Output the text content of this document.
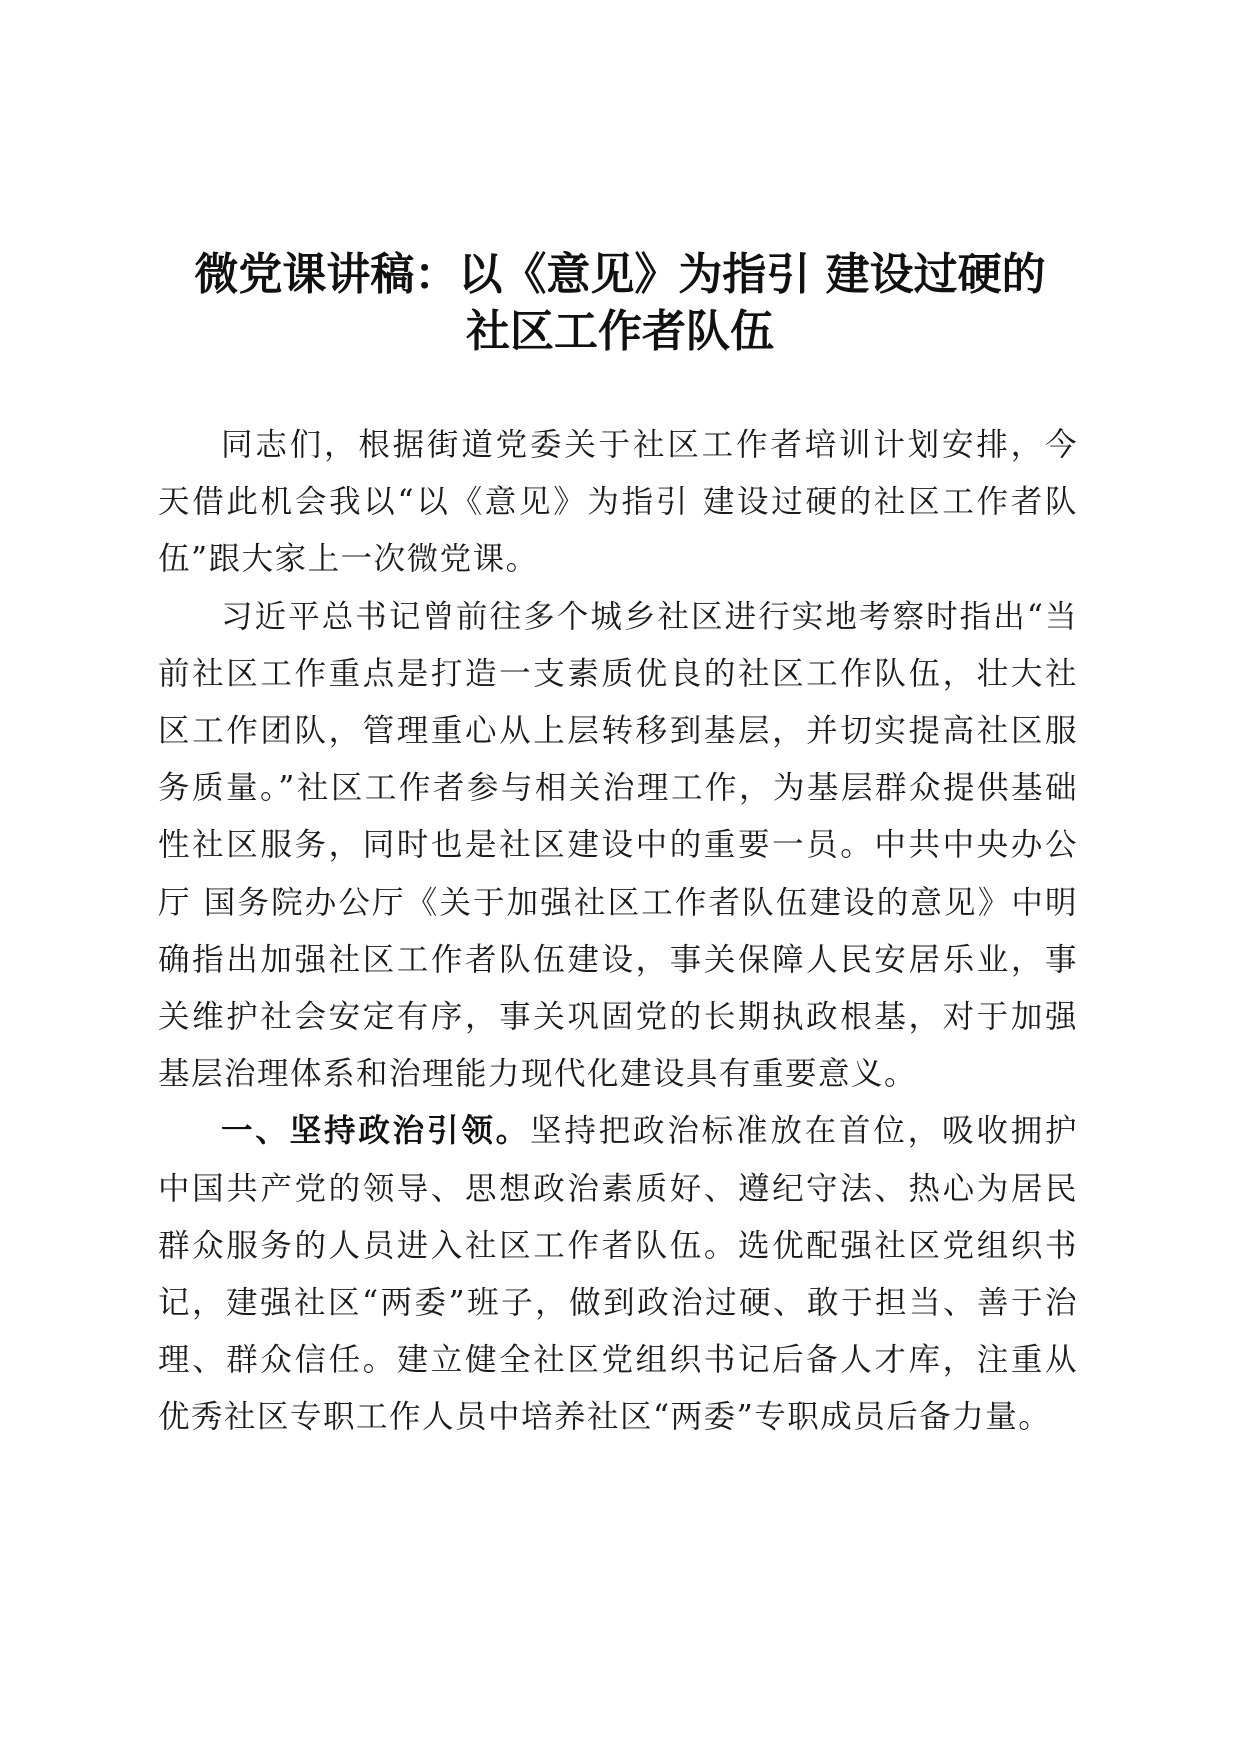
微党课讲稿：以《意见》为指引 建设过硬的
社区工作者队伍

同志们，根据街道党委关于社区工作者培训计划安排，今天借此机会我以“以《意见》为指引 建设过硬的社区工作者队伍”跟大家上一次微党课。

习近平总书记曾前往多个城乡社区进行实地考察时指出“当前社区工作重点是打造一支素质优良的社区工作队伍，壮大社区工作团队，管理重心从上层转移到基层，并切实提高社区服务质量。”社区工作者参与相关治理工作，为基层群众提供基础性社区服务，同时也是社区建设中的重要一员。中共中央办公厅 国务院办公厅《关于加强社区工作者队伍建设的意见》中明确指出加强社区工作者队伍建设，事关保障人民安居乐业，事关维护社会安定有序，事关巩固党的长期执政根基，对于加强基层治理体系和治理能力现代化建设具有重要意义。

一、坚持政治引领。坚持把政治标准放在首位，吸收拥护中国共产党的领导、思想政治素质好、遵纪守法、热心为居民群众服务的人员进入社区工作者队伍。选优配强社区党组织书记，建强社区“两委”班子，做到政治过硬、敢于担当、善于治理、群众信任。建立健全社区党组织书记后备人才库，注重从优秀社区专职工作人员中培养社区“两委”专职成员后备力量。
